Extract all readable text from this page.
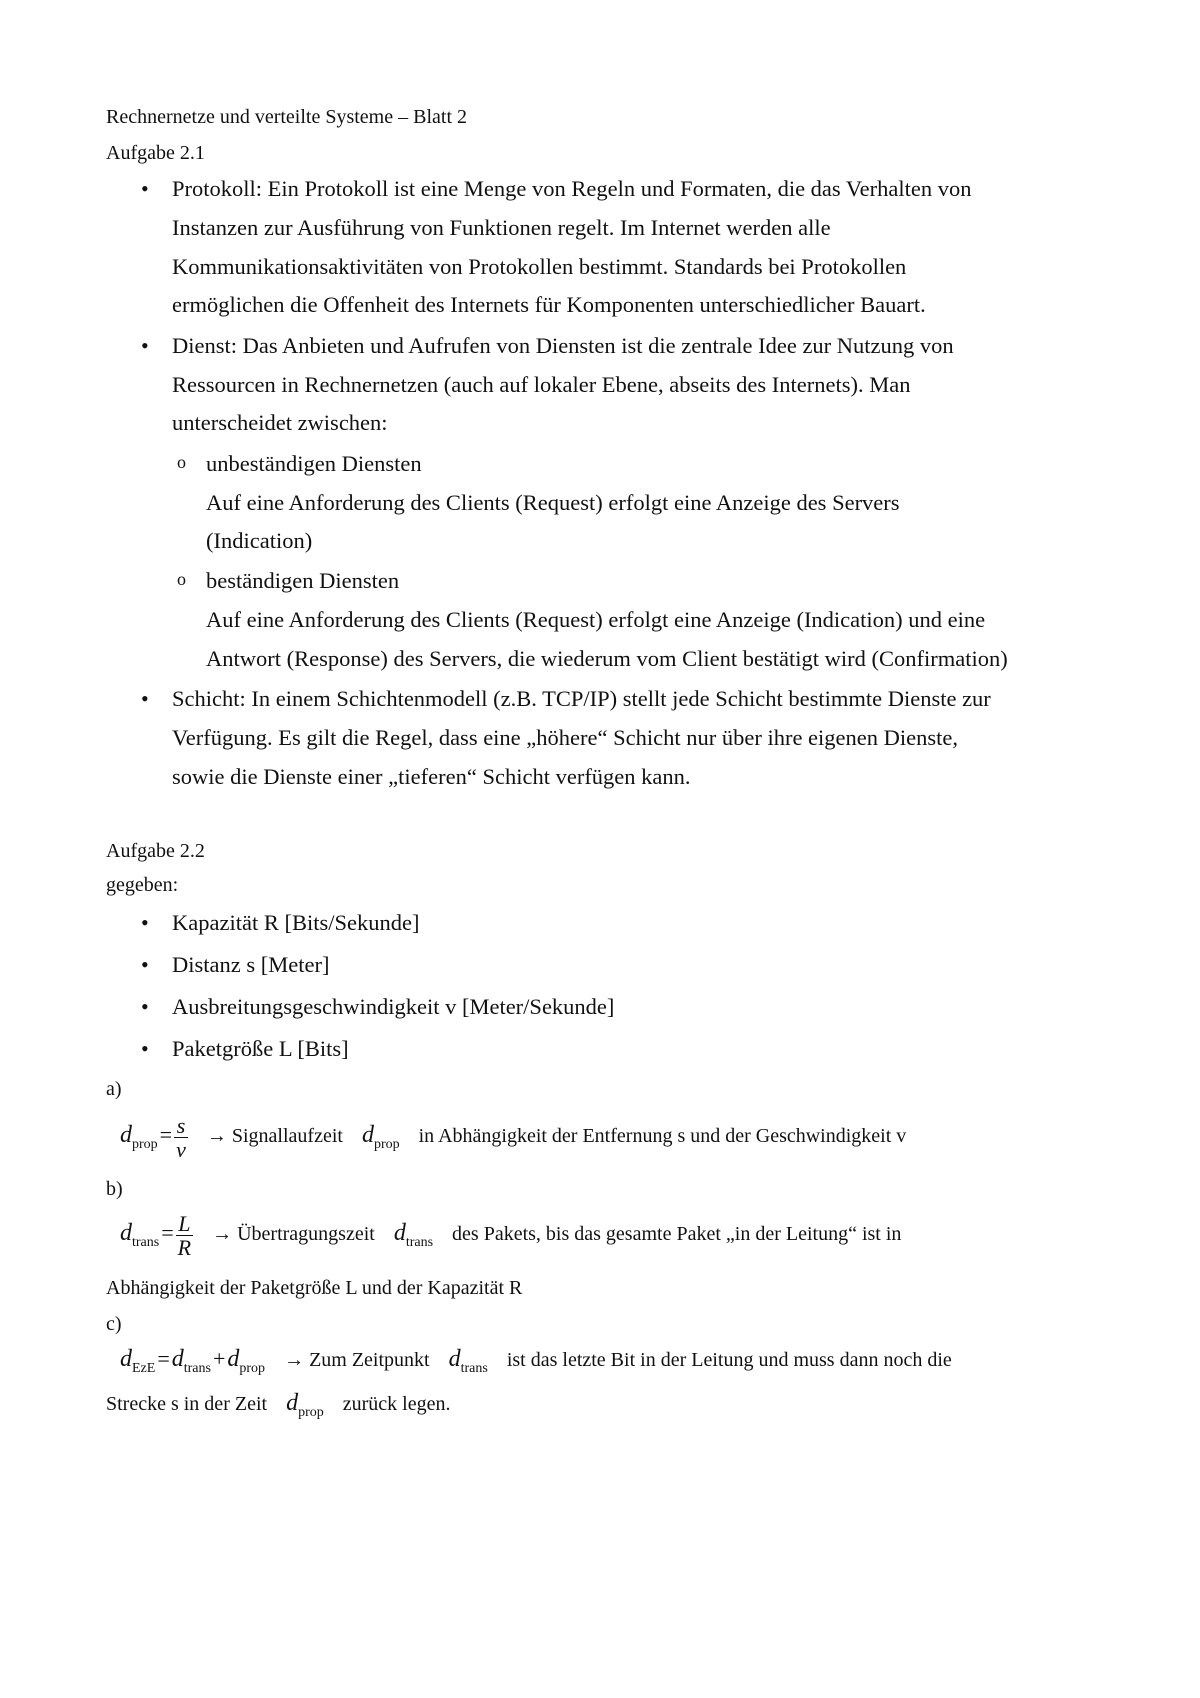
Rechnernetze und verteilte Systeme – Blatt 2
Aufgabe 2.1
• Protokoll: Ein Protokoll ist eine Menge von Regeln und Formaten, die das Verhalten von
Instanzen zur Ausführung von Funktionen regelt. Im Internet werden alle
Kommunikationsaktivitäten von Protokollen bestimmt. Standards bei Protokollen
ermöglichen die Offenheit des Internets für Komponenten unterschiedlicher Bauart.
• Dienst: Das Anbieten und Aufrufen von Diensten ist die zentrale Idee zur Nutzung von
Ressourcen in Rechnernetzen (auch auf lokaler Ebene, abseits des Internets). Man
unterscheidet zwischen:
o unbeständigen Diensten
Auf eine Anforderung des Clients (Request) erfolgt eine Anzeige des Servers
(Indication)
o beständigen Diensten
Auf eine Anforderung des Clients (Request) erfolgt eine Anzeige (Indication) und eine
Antwort (Response) des Servers, die wiederum vom Client bestätigt wird (Confirmation)
• Schicht: In einem Schichtenmodell (z.B. TCP/IP) stellt jede Schicht bestimmte Dienste zur
Verfügung. Es gilt die Regel, dass eine „höhere“ Schicht nur über ihre eigenen Dienste,
sowie die Dienste einer „tieferen“ Schicht verfügen kann.
Aufgabe 2.2
gegeben:
• Kapazität R [Bits/Sekunde]
• Distanz s [Meter]
• Ausbreitungsgeschwindigkeit v [Meter/Sekunde]
• Paketgröße L [Bits]
a)
$d_{prop}= \frac{s}{v}$ → Signallaufzeit $d_{prop}$ in Abhängigkeit der Entfernung s und der Geschwindigkeit v
b)
$d_{trans}= \frac{L}{R}$ → Übertragungszeit $d_{trans}$ des Pakets, bis das gesamte Paket „in der Leitung“ ist in
Abhängigkeit der Paketgröße L und der Kapazität R
c)
$d_{EzE}=d_{trans}+d_{prop}$ → Zum Zeitpunkt $d_{trans}$ ist das letzte Bit in der Leitung und muss dann noch die
Strecke s in der Zeit $d_{prop}$ zurück legen.
